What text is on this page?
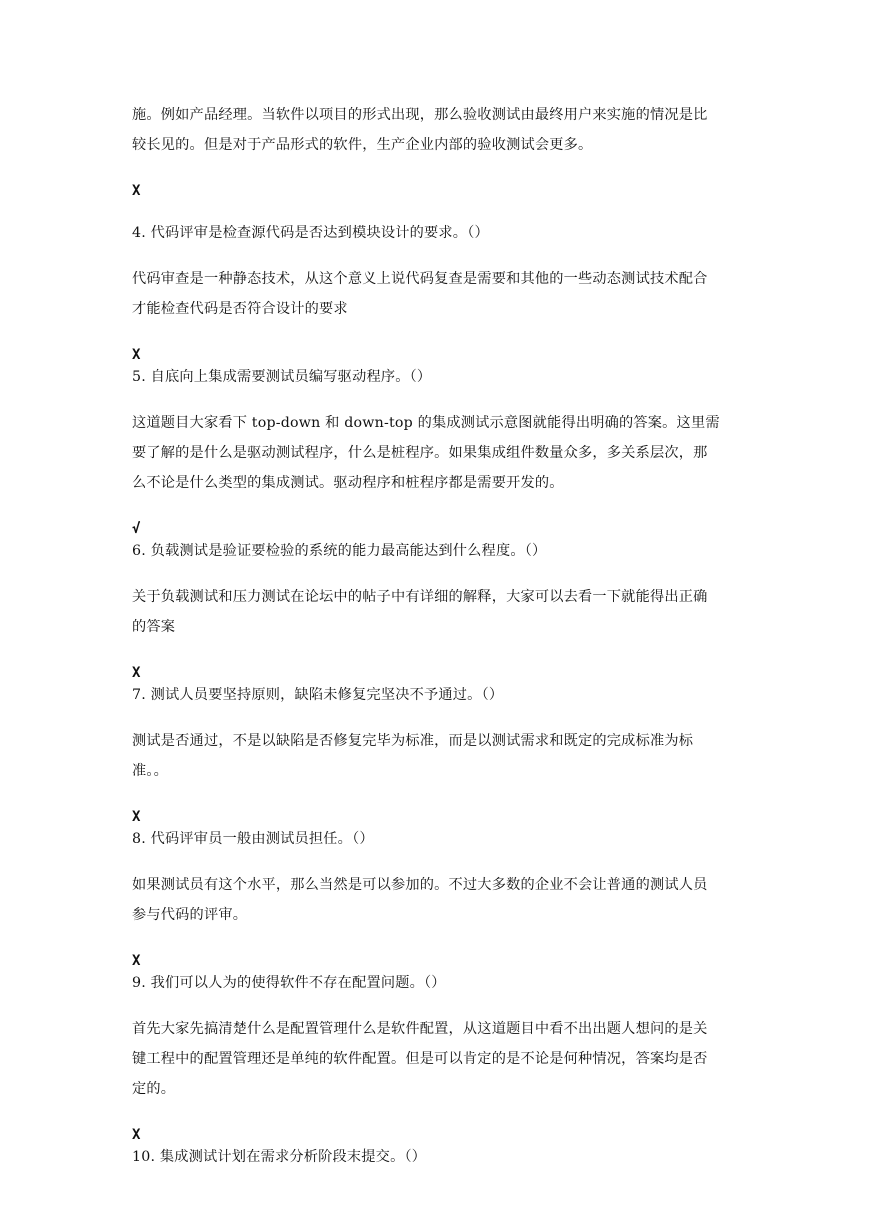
施。例如产品经理。当软件以项目的形式出现，那么验收测试由最终用户来实施的情况是比

较长见的。但是对于产品形式的软件，生产企业内部的验收测试会更多。

X

4. 代码评审是检查源代码是否达到模块设计的要求。（）

代码审查是一种静态技术，从这个意义上说代码复查是需要和其他的一些动态测试技术配合

才能检查代码是否符合设计的要求

X

5. 自底向上集成需要测试员编写驱动程序。（）

这道题目大家看下 top-down 和 down-top 的集成测试示意图就能得出明确的答案。这里需

要了解的是什么是驱动测试程序，什么是桩程序。如果集成组件数量众多，多关系层次，那

么不论是什么类型的集成测试。驱动程序和桩程序都是需要开发的。

√

6. 负载测试是验证要检验的系统的能力最高能达到什么程度。（）

关于负载测试和压力测试在论坛中的帖子中有详细的解释，大家可以去看一下就能得出正确

的答案

X

7. 测试人员要坚持原则，缺陷未修复完坚决不予通过。（）

测试是否通过，不是以缺陷是否修复完毕为标准，而是以测试需求和既定的完成标准为标

准。。

X

8. 代码评审员一般由测试员担任。（）

如果测试员有这个水平，那么当然是可以参加的。不过大多数的企业不会让普通的测试人员

参与代码的评审。

X

9. 我们可以人为的使得软件不存在配置问题。（）

首先大家先搞清楚什么是配置管理什么是软件配置，从这道题目中看不出出题人想问的是关

键工程中的配置管理还是单纯的软件配置。但是可以肯定的是不论是何种情况，答案均是否

定的。

X

10. 集成测试计划在需求分析阶段末提交。（）
